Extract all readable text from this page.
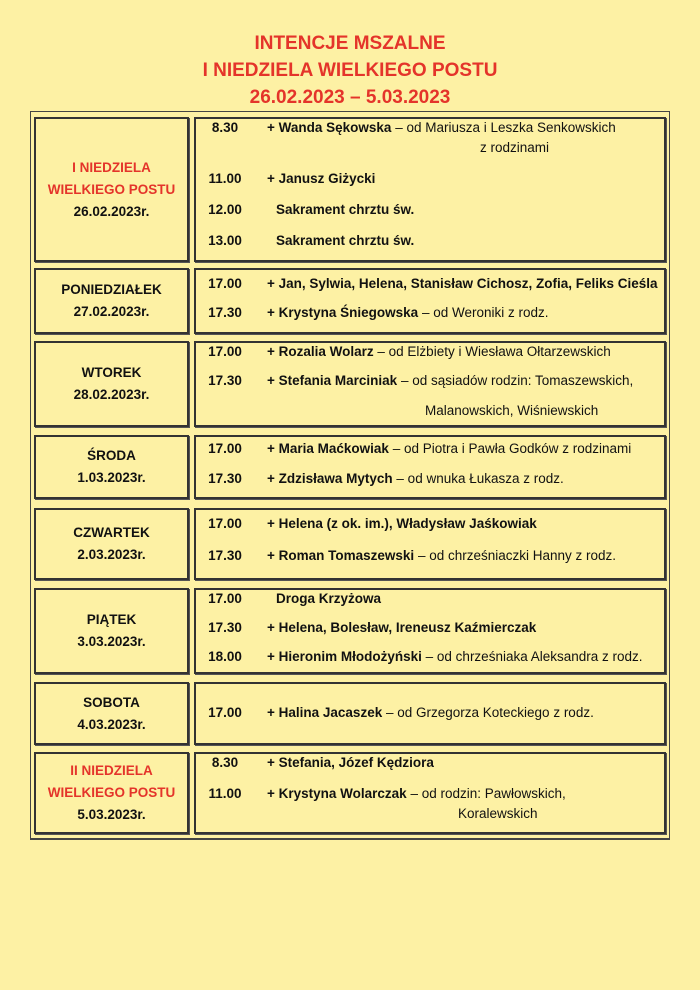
INTENCJE MSZALNE
I NIEDZIELA WIELKIEGO POSTU
26.02.2023 – 5.03.2023
I NIEDZIELA
WIELKIEGO POSTU
26.02.2023r.
8.30	+ Wanda Sękowska – od Mariusza i Leszka Senkowskich
z rodzinami
11.00	+ Janusz Giżycki
12.00	Sakrament chrztu św.
13.00	Sakrament chrztu św.
PONIEDZIAŁEK
27.02.2023r.
17.00	+ Jan, Sylwia, Helena, Stanisław Cichosz, Zofia, Feliks Cieśla
17.30	+ Krystyna Śniegowska – od Weroniki z rodz.
WTOREK
28.02.2023r.
17.00	+ Rozalia Wolarz – od Elżbiety i Wiesława Ołtarzewskich
17.30	+ Stefania Marciniak – od sąsiadów rodzin: Tomaszewskich,
Malanowskich, Wiśniewskich
ŚRODA
1.03.2023r.
17.00	+ Maria Maćkowiak – od Piotra i Pawła Godków z rodzinami
17.30	+ Zdzisława Mytych – od wnuka Łukasza z rodz.
CZWARTEK
2.03.2023r.
17.00	+ Helena (z ok. im.), Władysław Jaśkowiak
17.30	+ Roman Tomaszewski – od chrześniaczki Hanny z rodz.
PIĄTEK
3.03.2023r.
17.00	Droga Krzyżowa
17.30	+ Helena, Bolesław, Ireneusz Kaźmierczak
18.00	+ Hieronim Młodożyński – od chrześniaka Aleksandra z rodz.
SOBOTA
4.03.2023r.
17.00	+ Halina Jacaszek – od Grzegorza Koteckiego z rodz.
II NIEDZIELA
WIELKIEGO POSTU
5.03.2023r.
8.30	+ Stefania, Józef Kędziora
11.00	+ Krystyna Wolarczak – od rodzin: Pawłowskich,
Koralewskich
